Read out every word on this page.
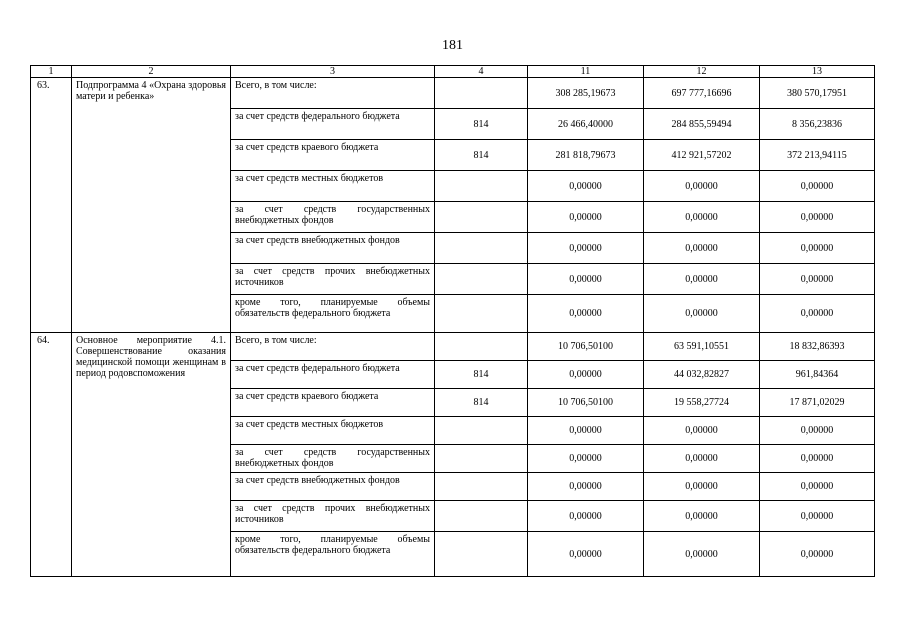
181
1	2	3	4	11	12	13
63.	Подпрограмма 4 «Охрана здоровья матери и ребенка»	Всего, в том числе:		308 285,19673	697 777,16696	380 570,17951
		за счет средств федерального бюджета	814	26 466,40000	284 855,59494	8 356,23836
		за счет средств краевого бюджета	814	281 818,79673	412 921,57202	372 213,94115
		за счет средств местных бюджетов		0,00000	0,00000	0,00000
		за счет средств государственных внебюджетных фондов		0,00000	0,00000	0,00000
		за счет средств внебюджетных фондов		0,00000	0,00000	0,00000
		за счет средств прочих внебюджетных источников		0,00000	0,00000	0,00000
		кроме того, планируемые объемы обязательств федерального бюджета		0,00000	0,00000	0,00000
64.	Основное мероприятие 4.1. Совершенствование оказания медицинской помощи женщинам в период родовспоможения	Всего, в том числе:		10 706,50100	63 591,10551	18 832,86393
		за счет средств федерального бюджета	814	0,00000	44 032,82827	961,84364
		за счет средств краевого бюджета	814	10 706,50100	19 558,27724	17 871,02029
		за счет средств местных бюджетов		0,00000	0,00000	0,00000
		за счет средств государственных внебюджетных фондов		0,00000	0,00000	0,00000
		за счет средств внебюджетных фондов		0,00000	0,00000	0,00000
		за счет средств прочих внебюджетных источников		0,00000	0,00000	0,00000
		кроме того, планируемые объемы обязательств федерального бюджета		0,00000	0,00000	0,00000
